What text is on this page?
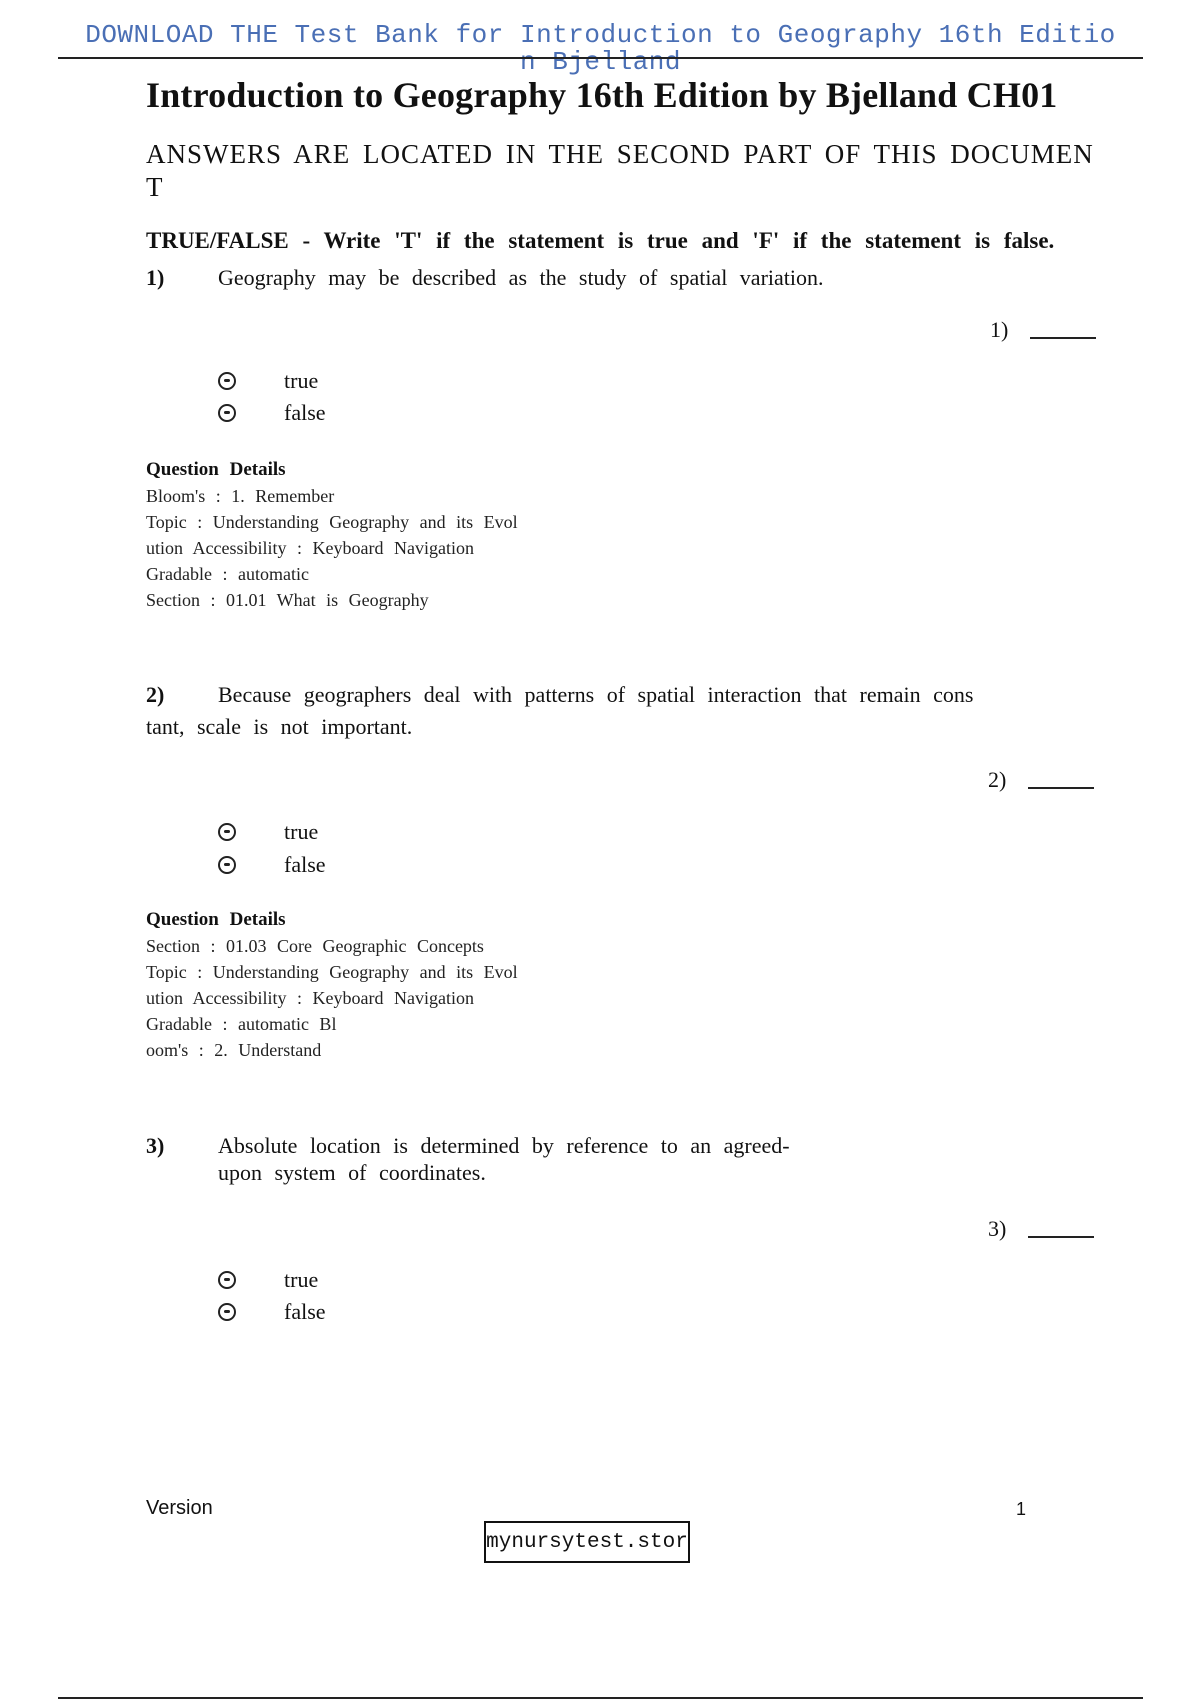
DOWNLOAD THE Test Bank for Introduction to Geography 16th Editio
n Bjelland
Introduction to Geography 16th Edition by Bjelland CH01
ANSWERS ARE LOCATED IN THE SECOND PART OF THIS DOCUMEN
T
TRUE/FALSE - Write 'T' if the statement is true and 'F' if the statement is false.
1)	Geography may be described as the study of spatial variation.
1)
true
false
Question Details
Bloom's : 1. Remember
Topic : Understanding Geography and its Evol
ution Accessibility : Keyboard Navigation
Gradable : automatic
Section : 01.01 What is Geography
2)	Because geographers deal with patterns of spatial interaction that remain cons
tant, scale is not important.
2)
true
false
Question Details
Section : 01.03 Core Geographic Concepts
Topic : Understanding Geography and its Evol
ution Accessibility : Keyboard Navigation
Gradable : automatic Bl
oom's : 2. Understand
3)	Absolute location is determined by reference to an agreed-
upon system of coordinates.
3)
true
false
Version	1
mynursytest.stor
